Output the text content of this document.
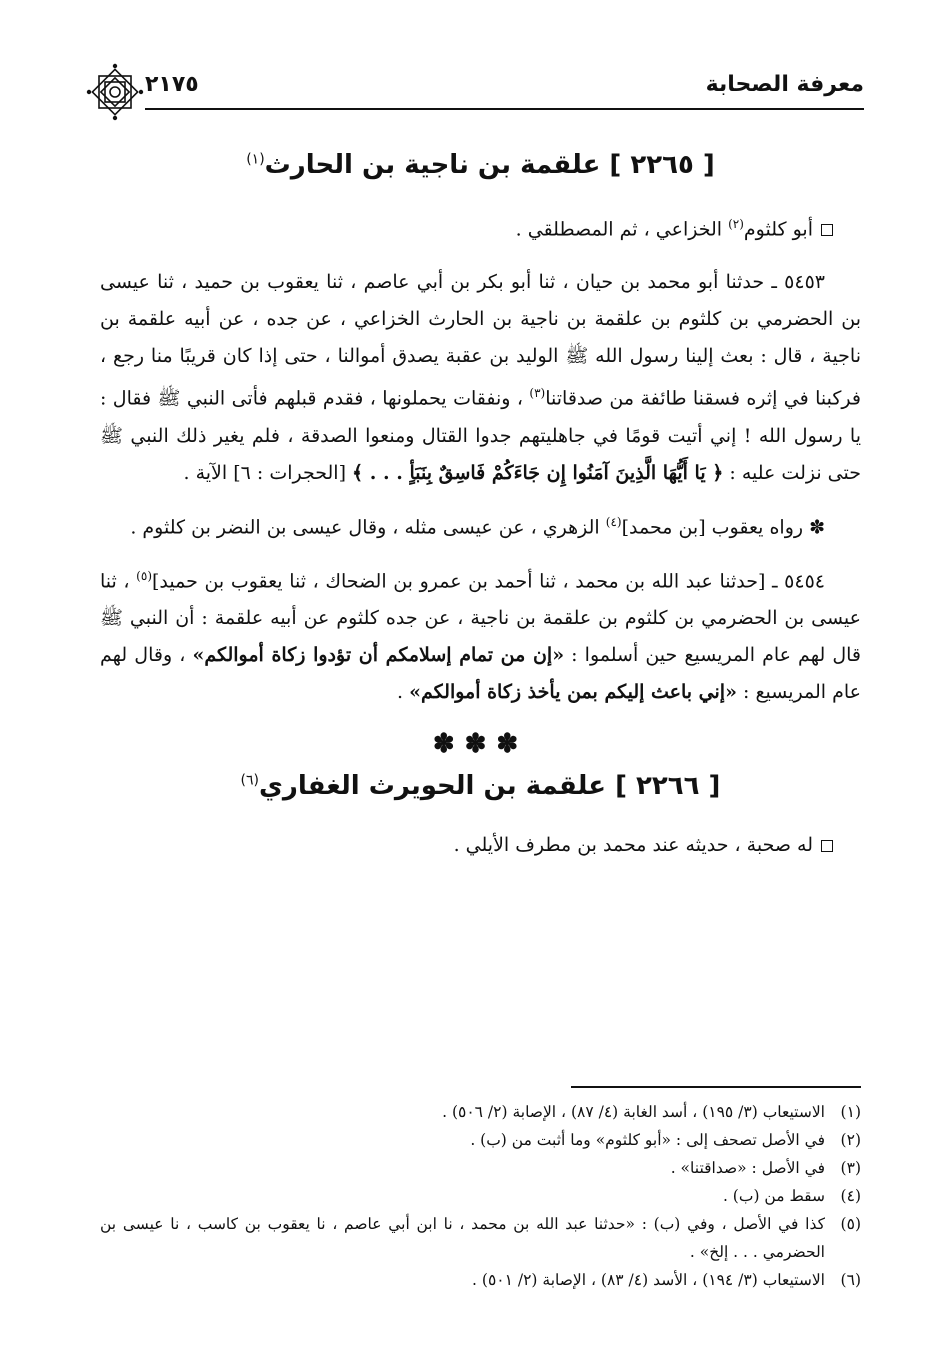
معرفة الصحابة
٢١٧٥
[ ٢٢٦٥ ] علقمة بن ناجية بن الحارث$^{(١)}$

أبو كلثوم$^{(٢)}$ الخزاعي ، ثم المصطلقي .

٥٤٥٣ ـ حدثنا أبو محمد بن حيان ، ثنا أبو بكر بن أبي عاصم ، ثنا يعقوب بن حميد ، ثنا عيسى بن الحضرمي بن كلثوم بن علقمة بن ناجية بن الحارث الخزاعي ، عن جده ، عن أبيه علقمة بن ناجية ، قال : بعث إلينا رسول الله ﷺ الوليد بن عقبة يصدق أموالنا ، حتى إذا كان قريبًا منا رجع ، فركبنا في إثره فسقنا طائفة من صدقاتنا$^{(٣)}$ ، ونفقات يحملونها ، فقدم قبلهم فأتى النبي ﷺ فقال : يا رسول الله ! إني أتيت قومًا في جاهليتهم جدوا القتال ومنعوا الصدقة ، فلم يغير ذلك النبي ﷺ حتى نزلت عليه : ﴿ يَا أَيُّهَا الَّذِينَ آمَنُوا إِن جَاءَكُمْ فَاسِقٌ بِنَبَأٍ . . . ﴾ [الحجرات : ٦] الآية .

✽ رواه يعقوب [بن محمد]$^{(٤)}$ الزهري ، عن عيسى مثله ، وقال عيسى بن النضر بن كلثوم .

٥٤٥٤ ـ [حدثنا عبد الله بن محمد ، ثنا أحمد بن عمرو بن الضحاك ، ثنا يعقوب بن حميد]$^{(٥)}$ ، ثنا عيسى بن الحضرمي بن كلثوم بن علقمة بن ناجية ، عن جده كلثوم عن أبيه علقمة : أن النبي ﷺ قال لهم عام المريسيع حين أسلموا : «إن من تمام إسلامكم أن تؤدوا زكاة أموالكم» ، وقال لهم عام المريسيع : «إني باعث إليكم بمن يأخذ زكاة أموالكم» .

✽✽✽
[ ٢٢٦٦ ] علقمة بن الحويرث الغفاري$^{(٦)}$

له صحبة ، حديثه عند محمد بن مطرف الأيلي .

(١)
الاستيعاب (٣/ ١٩٥) ، أسد الغابة (٤/ ٨٧) ، الإصابة (٢/ ٥٠٦) .
(٢)
في الأصل تصحف إلى : «أبو كلثوم» وما أثبت من (ب) .
(٣)
في الأصل : «صداقتنا» .
(٤)
سقط من (ب) .
(٥)
كذا في الأصل ، وفي (ب) : «حدثنا عبد الله بن محمد ، نا ابن أبي عاصم ، نا يعقوب بن كاسب ، نا عيسى بن الحضرمي . . . إلخ» .
(٦)
الاستيعاب (٣/ ١٩٤) ، الأسد (٤/ ٨٣) ، الإصابة (٢/ ٥٠١) .
